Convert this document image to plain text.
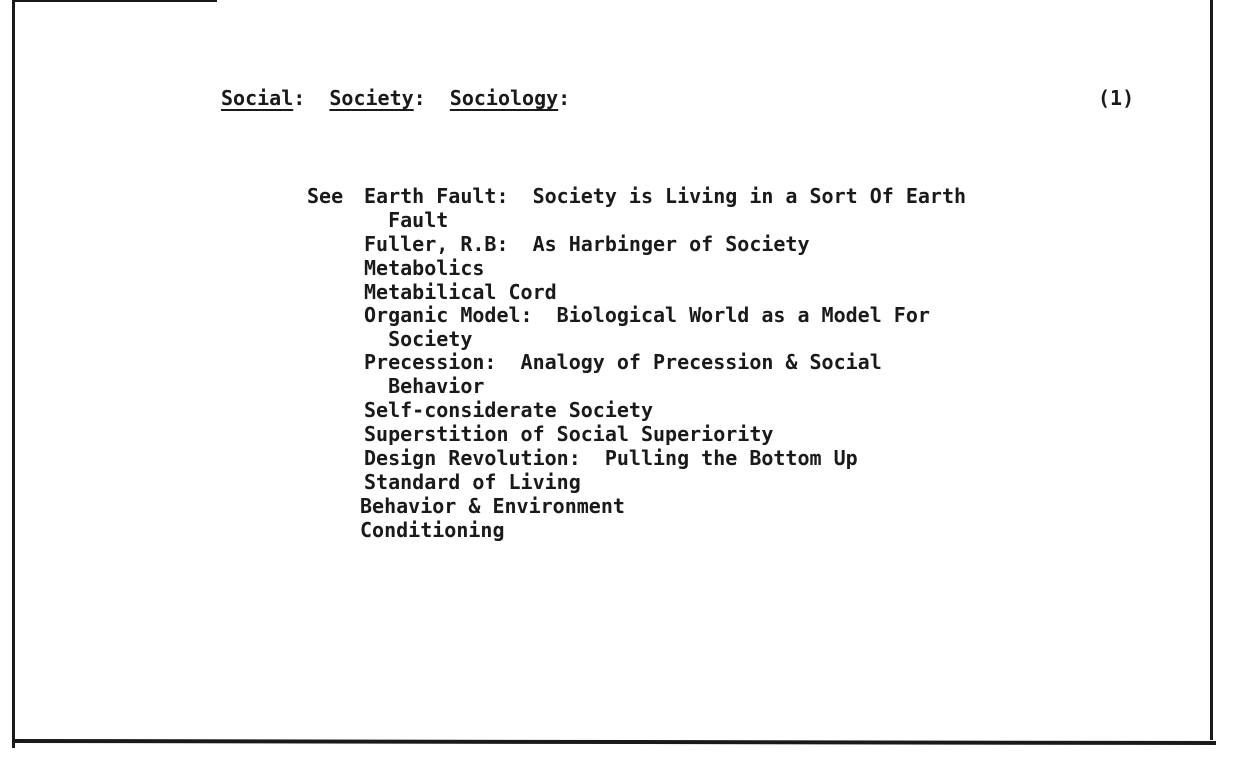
Social:  Society:  Sociology:	(1)
See Earth Fault:  Society is Living in a Sort Of Earth
Fault
Fuller, R.B:  As Harbinger of Society
Metabolics
Metabilical Cord
Organic Model:  Biological World as a Model For
Society
Precession:  Analogy of Precession & Social
Behavior
Self-considerate Society
Superstition of Social Superiority
Design Revolution:  Pulling the Bottom Up
Standard of Living
Behavior & Environment
Conditioning
